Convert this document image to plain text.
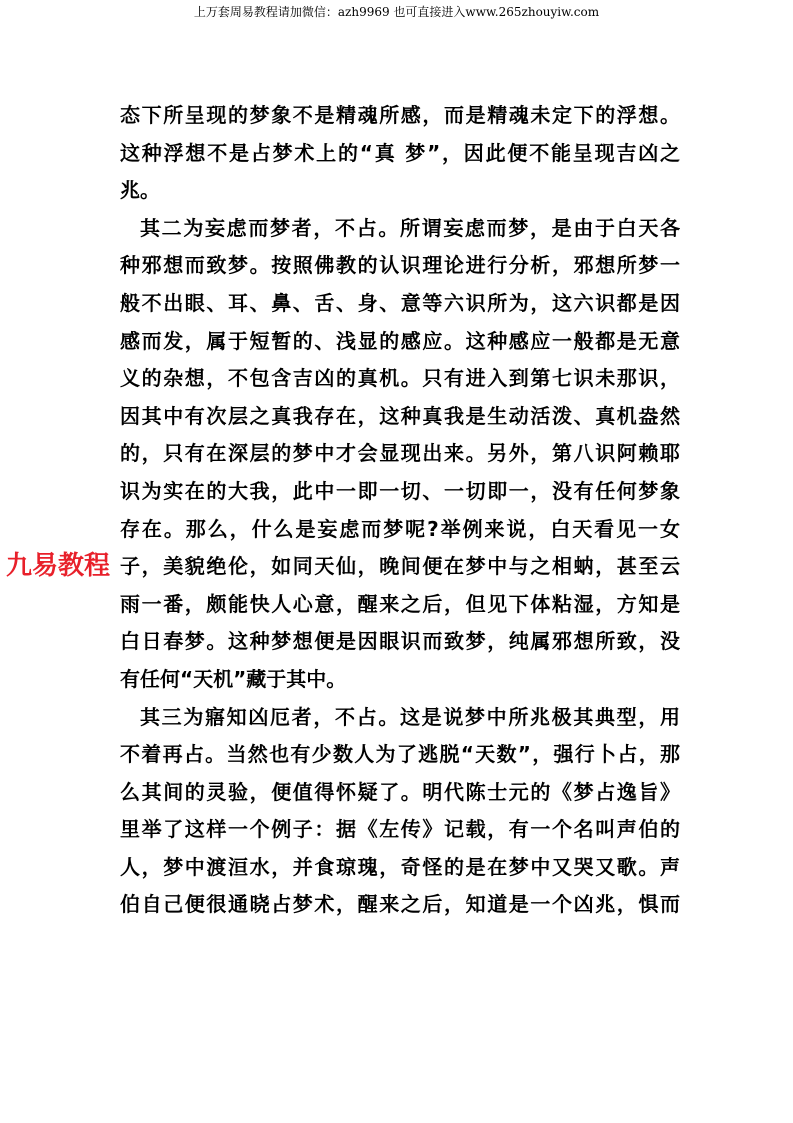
上万套周易教程请加微信：azh9969 也可直接进入www.265zhouyiw.com
态下所呈现的梦象不是精魂所感，而是精魂未定下的浮想。
这种浮想不是占梦术上的“真 梦”，因此便不能呈现吉凶之
兆。
其二为妄虑而梦者，不占。所谓妄虑而梦，是由于白天各
种邪想而致梦。按照佛教的认识理论进行分析，邪想所梦一
般不出眼、耳、鼻、舌、身、意等六识所为，这六识都是因
感而发，属于短暂的、浅显的感应。这种感应一般都是无意
义的杂想，不包含吉凶的真机。只有进入到第七识未那识，
因其中有次层之真我存在，这种真我是生动活泼、真机盎然
的，只有在深层的梦中才会显现出来。另外，第八识阿赖耶
识为实在的大我，此中一即一切、一切即一，没有任何梦象
存在。那么，什么是妄虑而梦呢?举例来说，白天看见一女
子，美貌绝伦，如同天仙，晚间便在梦中与之相蚋，甚至云
雨一番，颇能快人心意，醒来之后，但见下体粘湿，方知是
白日春梦。这种梦想便是因眼识而致梦，纯属邪想所致，没
有任何“天机”藏于其中。
其三为寤知凶厄者，不占。这是说梦中所兆极其典型，用
不着再占。当然也有少数人为了逃脱“天数”，强行卜占，那
么其间的灵验，便值得怀疑了。明代陈士元的《梦占逸旨》
里举了这样一个例子：据《左传》记载，有一个名叫声伯的
人，梦中渡洹水，并食琼瑰，奇怪的是在梦中又哭又歌。声
伯自己便很通晓占梦术，醒来之后，知道是一个凶兆，惧而
九易教程
